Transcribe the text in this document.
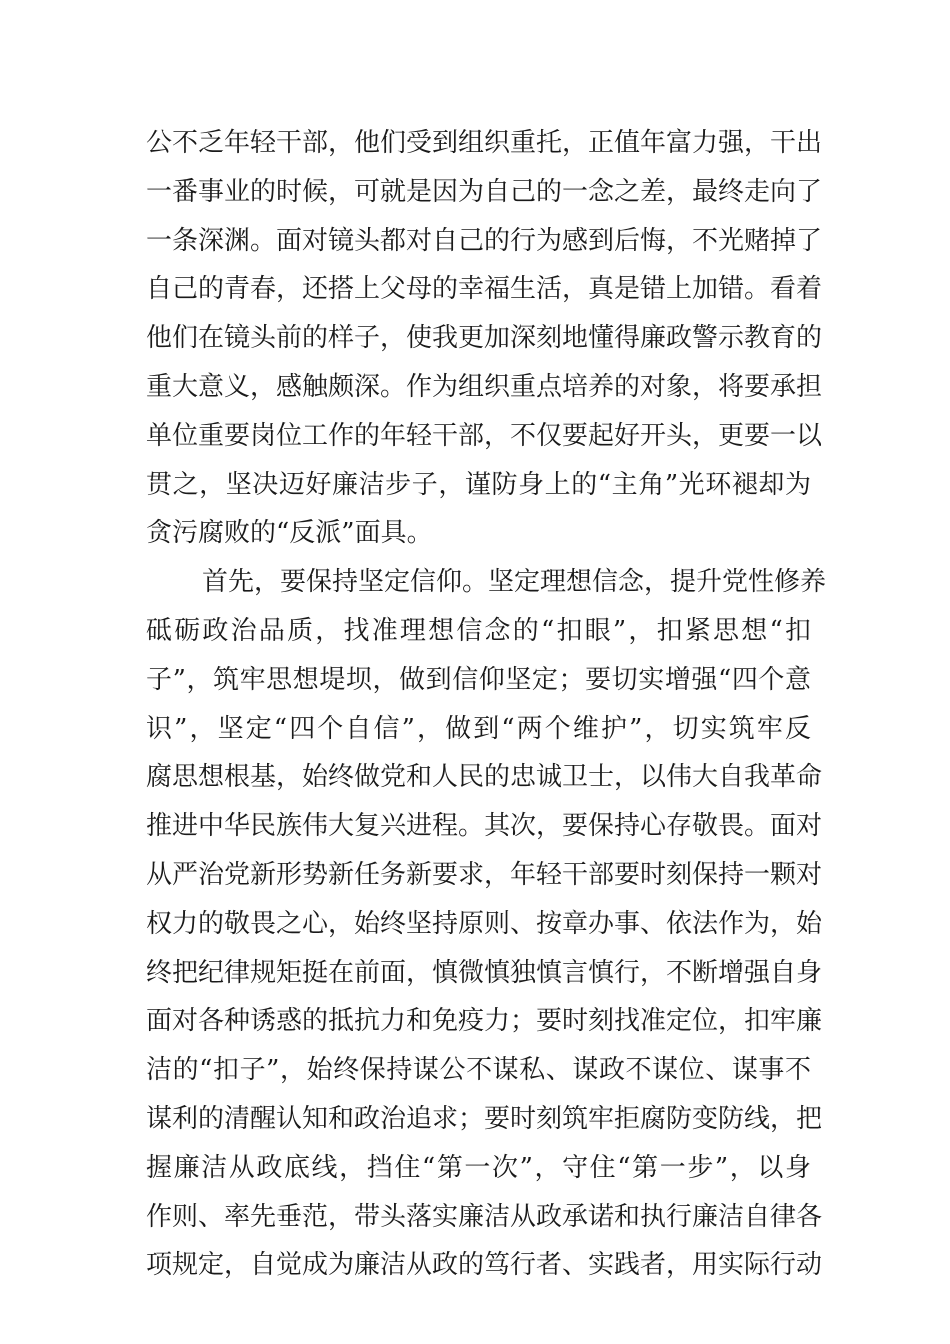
公不乏年轻干部，他们受到组织重托，正值年富力强，干出
一番事业的时候，可就是因为自己的一念之差，最终走向了
一条深渊。面对镜头都对自己的行为感到后悔，不光赌掉了
自己的青春，还搭上父母的幸福生活，真是错上加错。看着
他们在镜头前的样子，使我更加深刻地懂得廉政警示教育的
重大意义，感触颇深。作为组织重点培养的对象，将要承担
单位重要岗位工作的年轻干部，不仅要起好开头，更要一以
贯之，坚决迈好廉洁步子，谨防身上的“主角”光环褪却为
贪污腐败的“反派”面具。
首先，要保持坚定信仰。坚定理想信念，提升党性修养
砥砺政治品质，找准理想信念的“扣眼”，扣紧思想“扣
子”，筑牢思想堤坝，做到信仰坚定；要切实增强“四个意
识”，坚定“四个自信”，做到“两个维护”，切实筑牢反
腐思想根基，始终做党和人民的忠诚卫士，以伟大自我革命
推进中华民族伟大复兴进程。其次，要保持心存敬畏。面对
从严治党新形势新任务新要求，年轻干部要时刻保持一颗对
权力的敬畏之心，始终坚持原则、按章办事、依法作为，始
终把纪律规矩挺在前面，慎微慎独慎言慎行，不断增强自身
面对各种诱惑的抵抗力和免疫力；要时刻找准定位，扣牢廉
洁的“扣子”，始终保持谋公不谋私、谋政不谋位、谋事不
谋利的清醒认知和政治追求；要时刻筑牢拒腐防变防线，把
握廉洁从政底线，挡住“第一次”，守住“第一步”，以身
作则、率先垂范，带头落实廉洁从政承诺和执行廉洁自律各
项规定，自觉成为廉洁从政的笃行者、实践者，用实际行动
